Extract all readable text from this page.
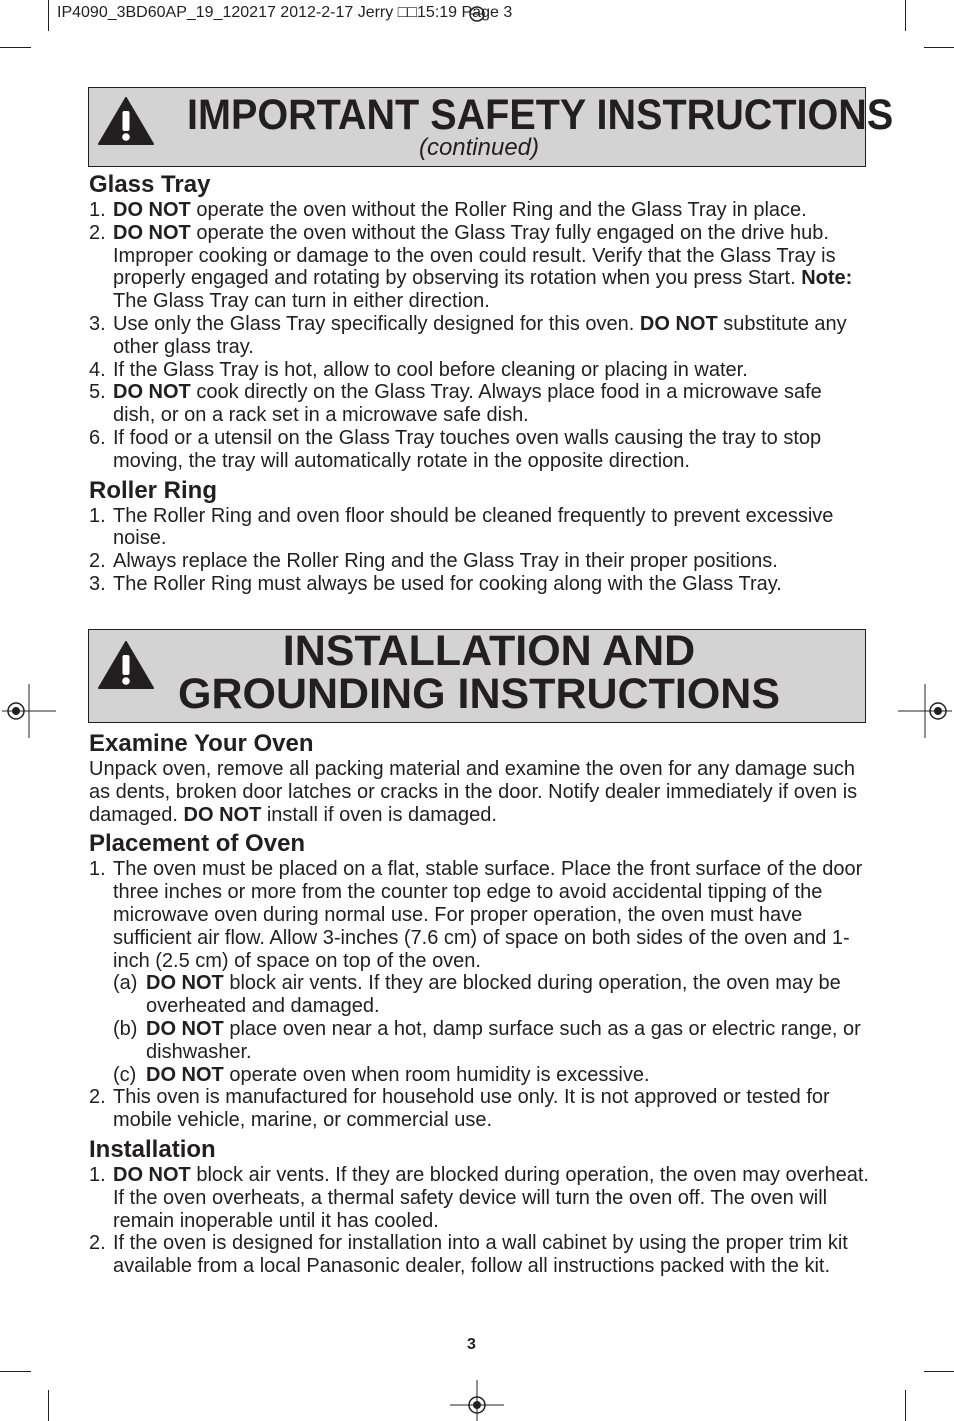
IP4090_3BD60AP_19_120217 2012-2-17 Jerry □□15:19 Page 3
IMPORTANT SAFETY INSTRUCTIONS
(continued)
INSTALLATION AND
GROUNDING INSTRUCTIONS
Glass Tray
1. DO NOT operate the oven without the Roller Ring and the Glass Tray in place.
2. DO NOT operate the oven without the Glass Tray fully engaged on the drive hub. Improper cooking or damage to the oven could result. Verify that the Glass Tray is properly engaged and rotating by observing its rotation when you press Start. Note: The Glass Tray can turn in either direction.
3. Use only the Glass Tray specifically designed for this oven. DO NOT substitute any other glass tray.
4. If the Glass Tray is hot, allow to cool before cleaning or placing in water.
5. DO NOT cook directly on the Glass Tray. Always place food in a microwave safe dish, or on a rack set in a microwave safe dish.
6. If food or a utensil on the Glass Tray touches oven walls causing the tray to stop moving, the tray will automatically rotate in the opposite direction.
Roller Ring
1. The Roller Ring and oven floor should be cleaned frequently to prevent excessive noise.
2. Always replace the Roller Ring and the Glass Tray in their proper positions.
3. The Roller Ring must always be used for cooking along with the Glass Tray.
Examine Your Oven

Unpack oven, remove all packing material and examine the oven for any damage such as dents, broken door latches or cracks in the door. Notify dealer immediately if oven is damaged. DO NOT install if oven is damaged.

Placement of Oven
1. The oven must be placed on a flat, stable surface. Place the front surface of the door three inches or more from the counter top edge to avoid accidental tipping of the microwave oven during normal use. For proper operation, the oven must have sufficient air flow. Allow 3-inches (7.6 cm) of space on both sides of the oven and 1-inch (2.5 cm) of space on top of the oven.
(a) DO NOT block air vents. If they are blocked during operation, the oven may be overheated and damaged.
(b) DO NOT place oven near a hot, damp surface such as a gas or electric range, or dishwasher.
(c) DO NOT operate oven when room humidity is excessive.
2. This oven is manufactured for household use only. It is not approved or tested for mobile vehicle, marine, or commercial use.
Installation
1. DO NOT block air vents. If they are blocked during operation, the oven may overheat. If the oven overheats, a thermal safety device will turn the oven off. The oven will remain inoperable until it has cooled.
2. If the oven is designed for installation into a wall cabinet by using the proper trim kit available from a local Panasonic dealer, follow all instructions packed with the kit.
3
